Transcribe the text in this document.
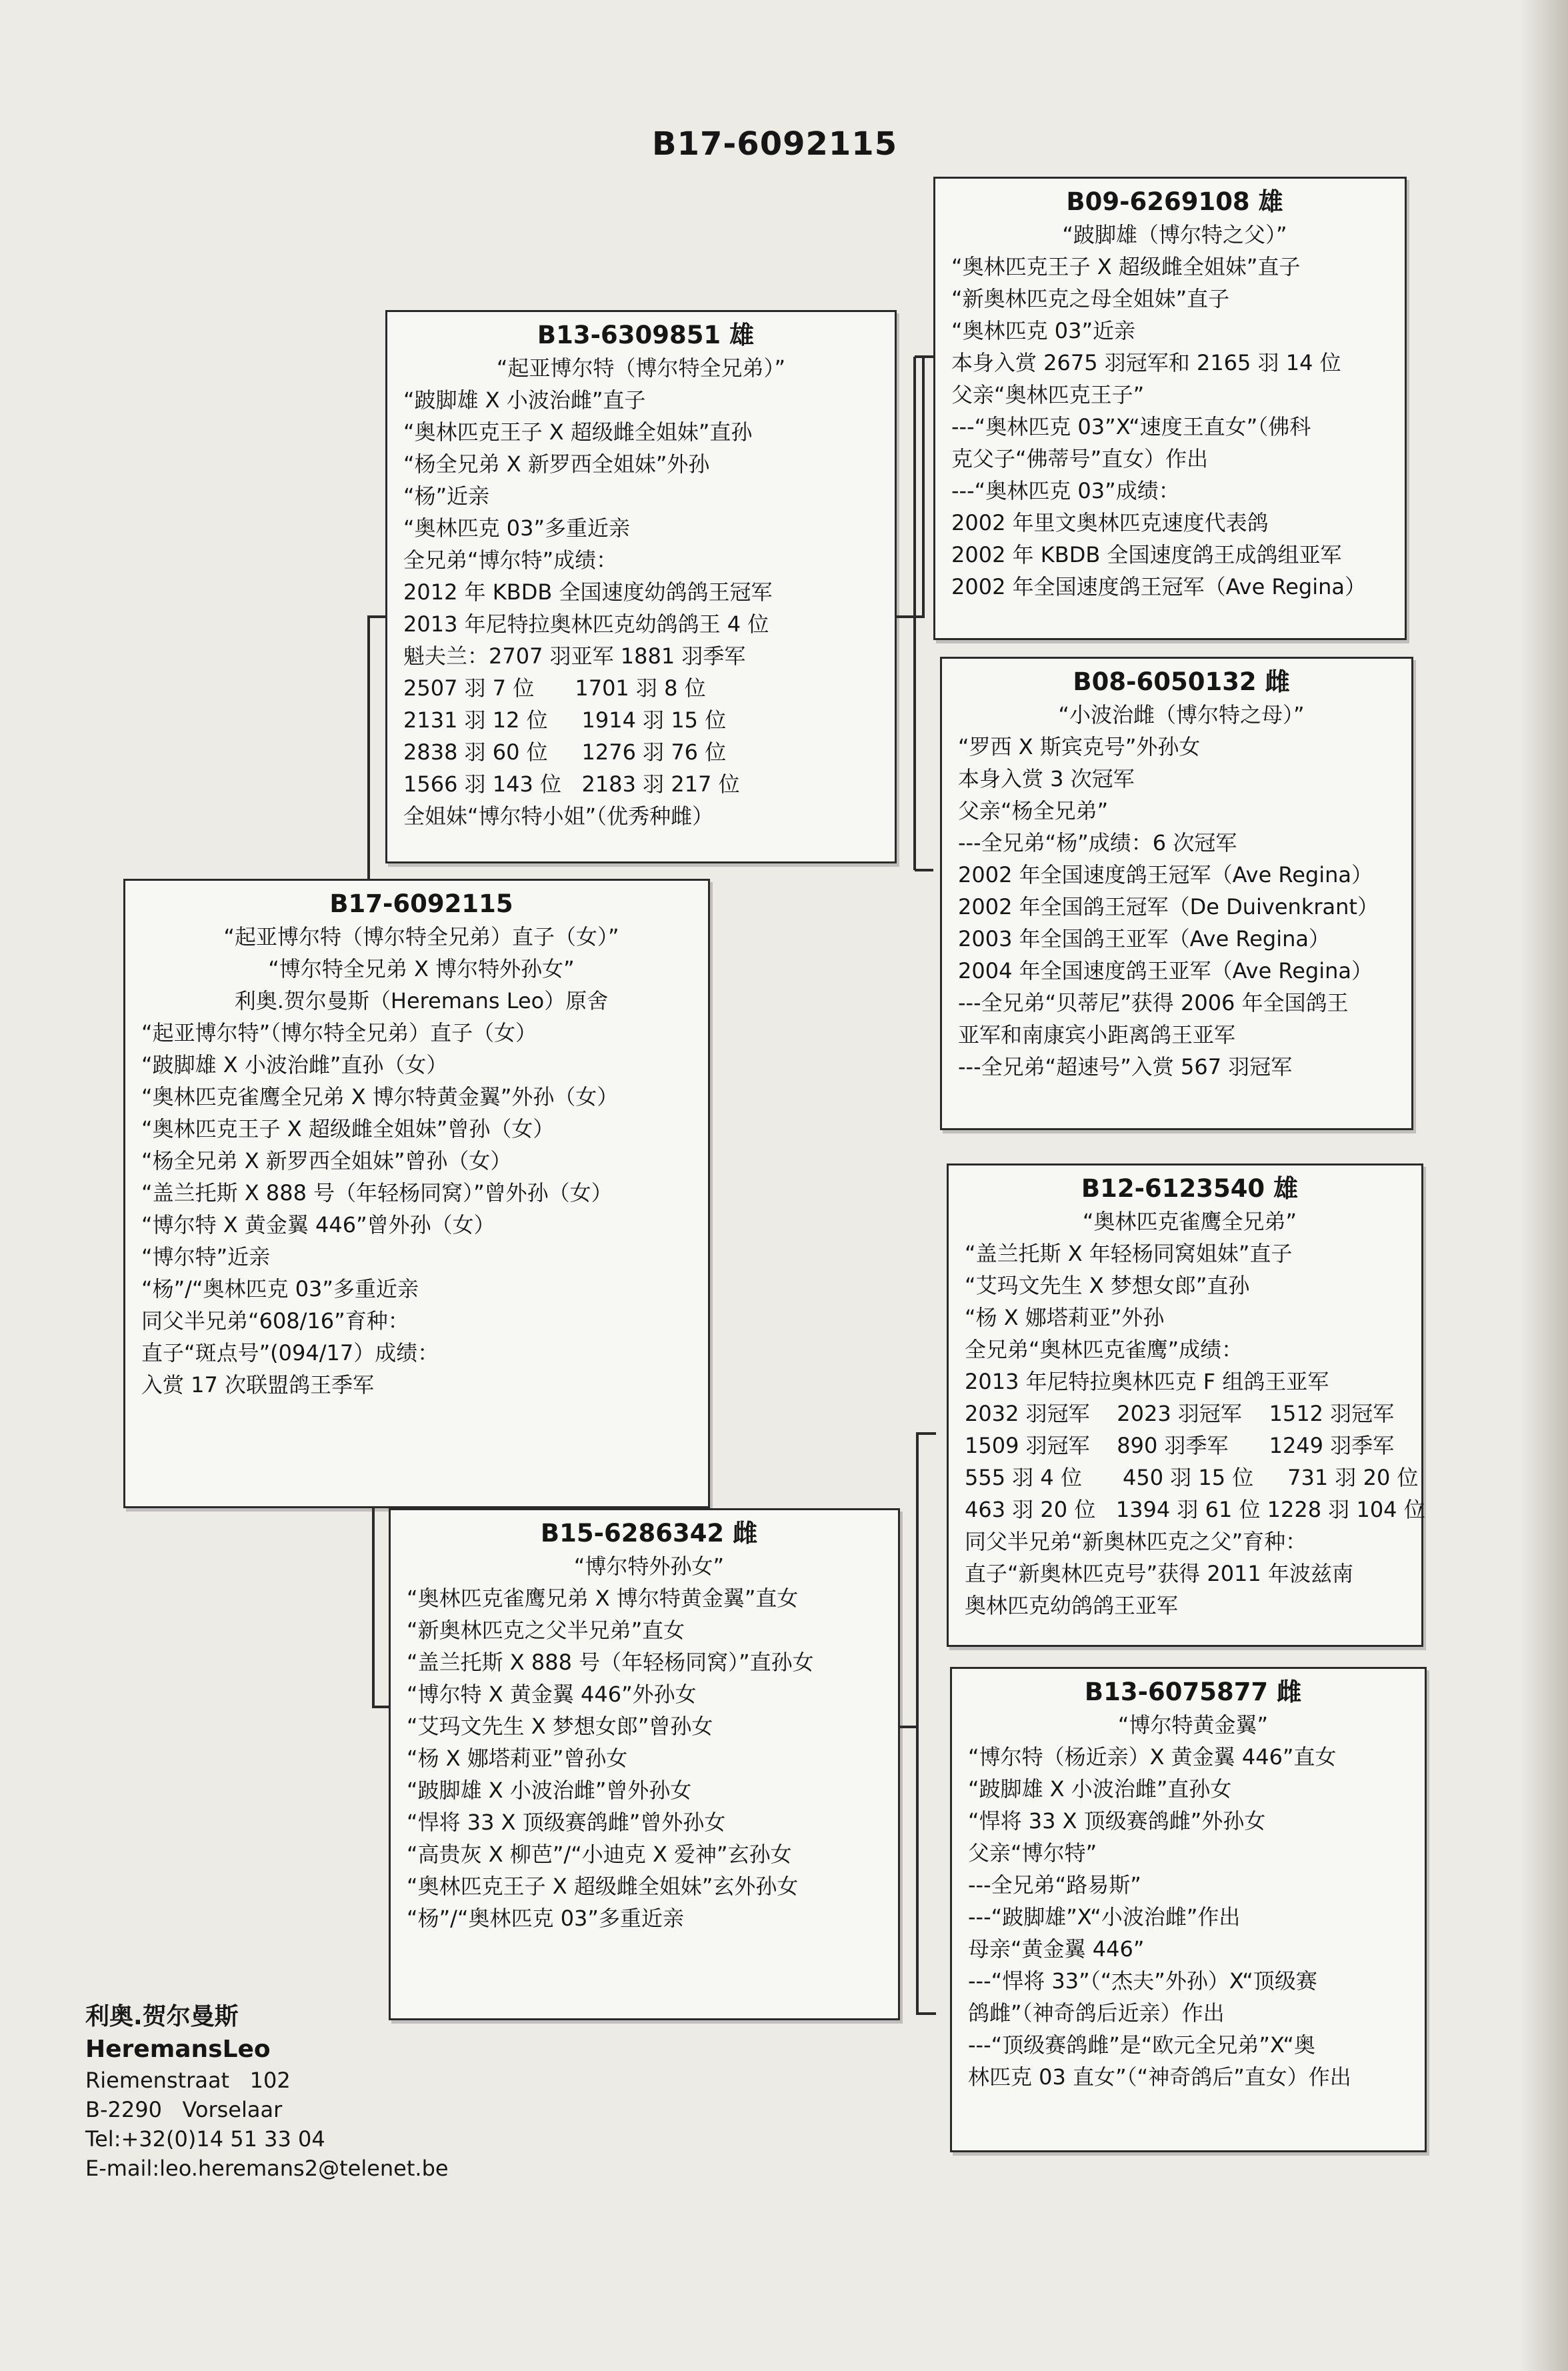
B17-6092115
B13-6309851 雄
“起亚博尔特（博尔特全兄弟）”
“跛脚雄 X 小波治雌”直子
“奥林匹克王子 X 超级雌全姐妹”直孙
“杨全兄弟 X 新罗西全姐妹”外孙
“杨”近亲
“奥林匹克 03”多重近亲
全兄弟“博尔特”成绩：
2012 年 KBDB 全国速度幼鸽鸽王冠军
2013 年尼特拉奥林匹克幼鸽鸽王 4 位
魁夫兰：2707 羽亚军 1881 羽季军
2507 羽 7 位      1701 羽 8 位
2131 羽 12 位     1914 羽 15 位
2838 羽 60 位     1276 羽 76 位
1566 羽 143 位   2183 羽 217 位
全姐妹“博尔特小姐”（优秀种雌）
B17-6092115
“起亚博尔特（博尔特全兄弟）直子（女）”
“博尔特全兄弟 X 博尔特外孙女”
利奥.贺尔曼斯（Heremans Leo）原舍
“起亚博尔特”（博尔特全兄弟）直子（女）
“跛脚雄 X 小波治雌”直孙（女）
“奥林匹克雀鹰全兄弟 X 博尔特黄金翼”外孙（女）
“奥林匹克王子 X 超级雌全姐妹”曾孙（女）
“杨全兄弟 X 新罗西全姐妹”曾孙（女）
“盖兰托斯 X 888 号（年轻杨同窝）”曾外孙（女）
“博尔特 X 黄金翼 446”曾外孙（女）
“博尔特”近亲
“杨”/“奥林匹克 03”多重近亲
同父半兄弟“608/16”育种：
直子“斑点号”(094/17）成绩：
入赏 17 次联盟鸽王季军
B15-6286342 雌
“博尔特外孙女”
“奥林匹克雀鹰兄弟 X 博尔特黄金翼”直女
“新奥林匹克之父半兄弟”直女
“盖兰托斯 X 888 号（年轻杨同窝）”直孙女
“博尔特 X 黄金翼 446”外孙女
“艾玛文先生 X 梦想女郎”曾孙女
“杨 X 娜塔莉亚”曾孙女
“跛脚雄 X 小波治雌”曾外孙女
“悍将 33 X 顶级赛鸽雌”曾外孙女
“高贵灰 X 柳芭”/“小迪克 X 爱神”玄孙女
“奥林匹克王子 X 超级雌全姐妹”玄外孙女
“杨”/“奥林匹克 03”多重近亲
B09-6269108 雄
“跛脚雄（博尔特之父）”
“奥林匹克王子 X 超级雌全姐妹”直子
“新奥林匹克之母全姐妹”直子
“奥林匹克 03”近亲
本身入赏 2675 羽冠军和 2165 羽 14 位
父亲“奥林匹克王子”
---“奥林匹克 03”X“速度王直女”（佛科
克父子“佛蒂号”直女）作出
---“奥林匹克 03”成绩：
2002 年里文奥林匹克速度代表鸽
2002 年 KBDB 全国速度鸽王成鸽组亚军
2002 年全国速度鸽王冠军（Ave Regina）
B08-6050132 雌
“小波治雌（博尔特之母）”
“罗西 X 斯宾克号”外孙女
本身入赏 3 次冠军
父亲“杨全兄弟”
---全兄弟“杨”成绩：6 次冠军
2002 年全国速度鸽王冠军（Ave Regina）
2002 年全国鸽王冠军（De Duivenkrant）
2003 年全国鸽王亚军（Ave Regina）
2004 年全国速度鸽王亚军（Ave Regina）
---全兄弟“贝蒂尼”获得 2006 年全国鸽王
亚军和南康宾小距离鸽王亚军
---全兄弟“超速号”入赏 567 羽冠军
B12-6123540 雄
“奥林匹克雀鹰全兄弟”
“盖兰托斯 X 年轻杨同窝姐妹”直子
“艾玛文先生 X 梦想女郎”直孙
“杨 X 娜塔莉亚”外孙
全兄弟“奥林匹克雀鹰”成绩：
2013 年尼特拉奥林匹克 F 组鸽王亚军
2032 羽冠军    2023 羽冠军    1512 羽冠军
1509 羽冠军    890 羽季军      1249 羽季军
555 羽 4 位      450 羽 15 位     731 羽 20 位
463 羽 20 位   1394 羽 61 位 1228 羽 104 位
同父半兄弟“新奥林匹克之父”育种：
直子“新奥林匹克号”获得 2011 年波兹南
奥林匹克幼鸽鸽王亚军
B13-6075877 雌
“博尔特黄金翼”
“博尔特（杨近亲）X 黄金翼 446”直女
“跛脚雄 X 小波治雌”直孙女
“悍将 33 X 顶级赛鸽雌”外孙女
父亲“博尔特”
---全兄弟“路易斯”
---“跛脚雄”X“小波治雌”作出
母亲“黄金翼 446”
---“悍将 33”（“杰夫”外孙）X“顶级赛
鸽雌”（神奇鸽后近亲）作出
---“顶级赛鸽雌”是“欧元全兄弟”X“奥
林匹克 03 直女”（“神奇鸽后”直女）作出
利奥.贺尔曼斯
HeremansLeo
Riemenstraat   102
B-2290   Vorselaar
Tel:+32(0)14 51 33 04
E-mail:leo.heremans2@telenet.be
